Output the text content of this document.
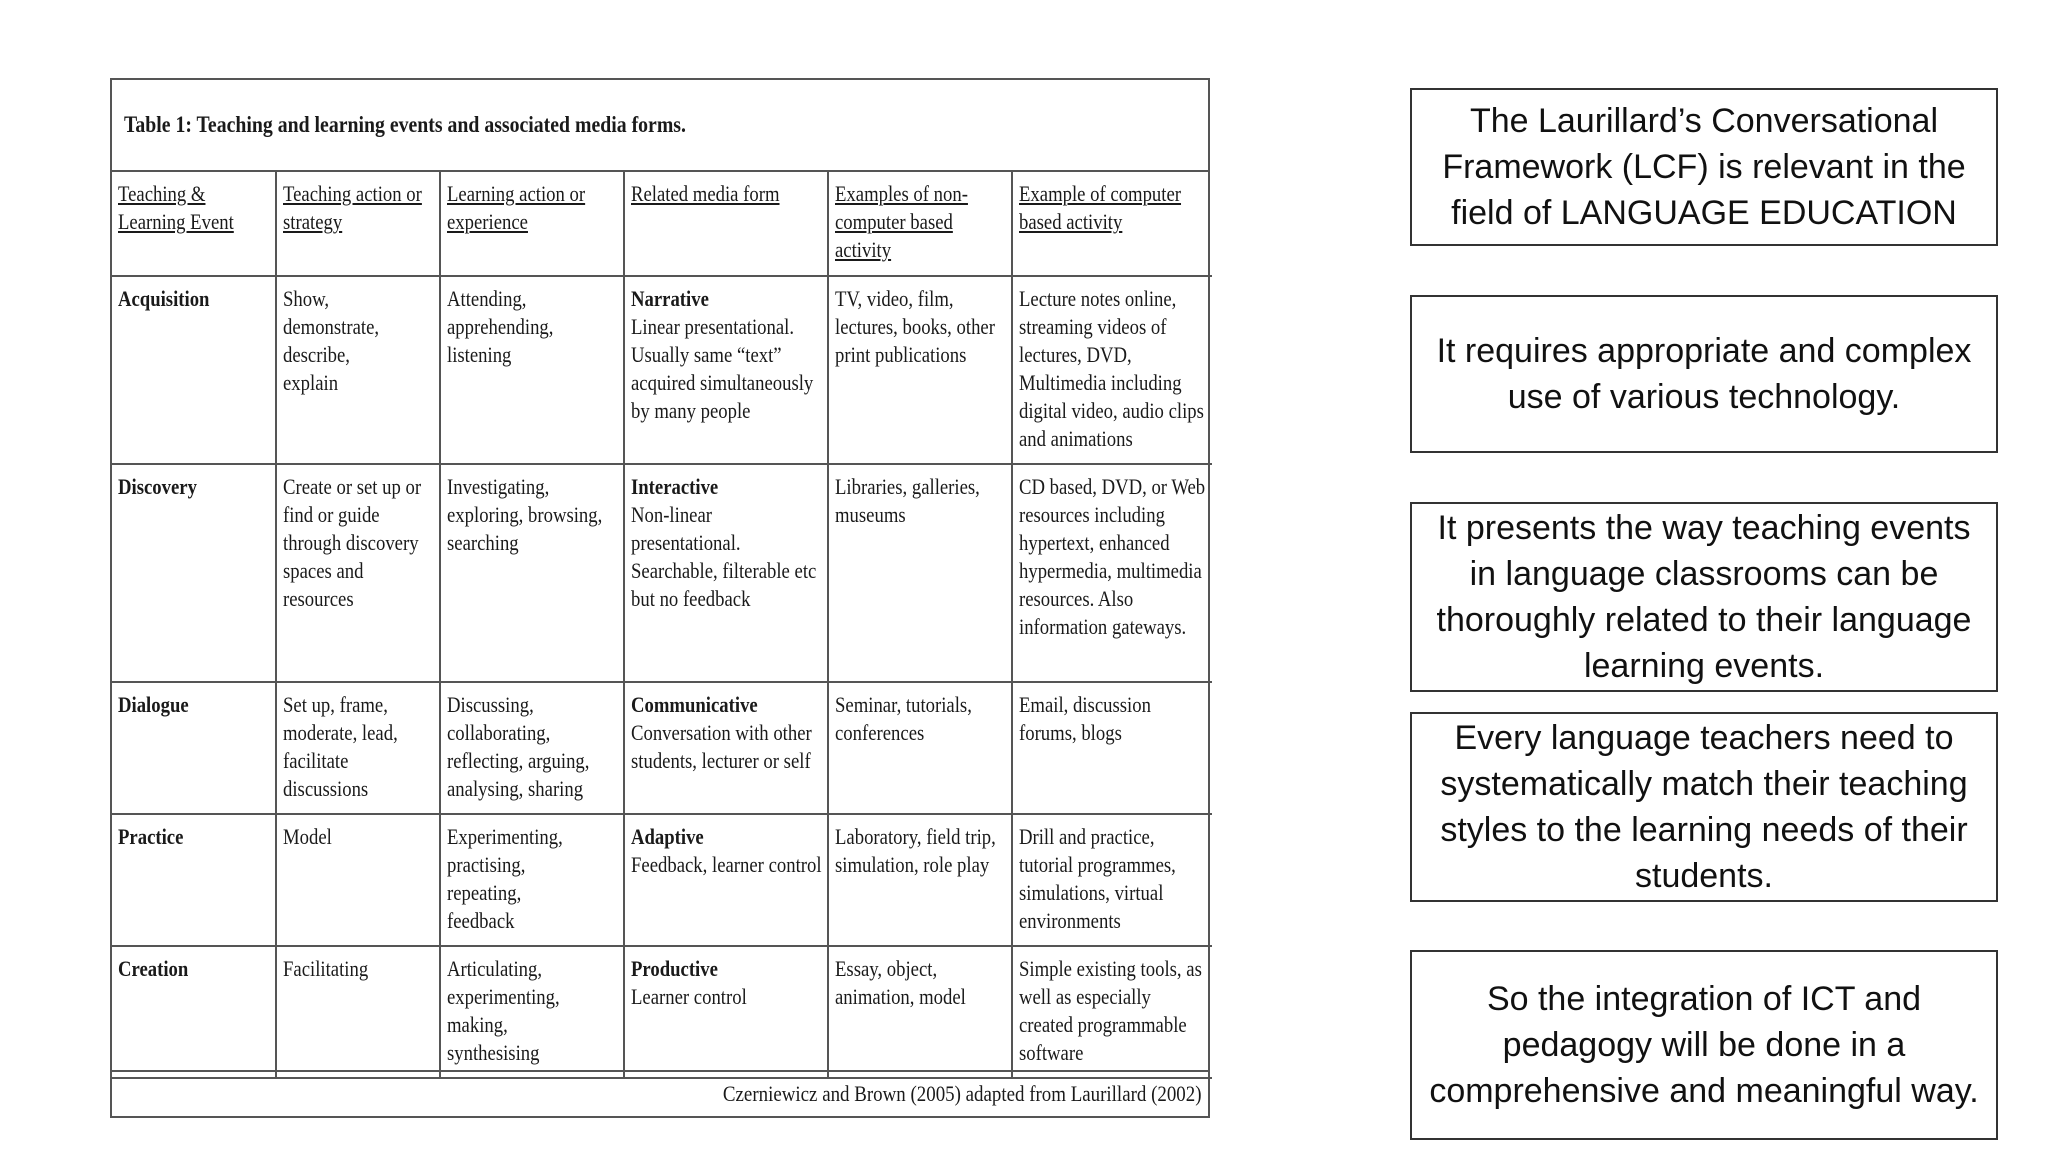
Table 1: Teaching and learning events and associated media forms.
Teaching & Learning Event	Teaching action or strategy	Learning action or experience	Related media form	Examples of non-computer based activity	Example of computer based activity
Acquisition	Show,
demonstrate,
describe,
explain	Attending,
apprehending,
listening	Narrative
Linear presentational. Usually same “text” acquired simultaneously by many people	TV, video, film, lectures, books, other print publications	Lecture notes online, streaming videos of lectures, DVD, Multimedia including digital video, audio clips and animations
Discovery	Create or set up or find or guide through discovery spaces and resources	Investigating, exploring, browsing, searching	Interactive
Non-linear presentational.
Searchable, filterable etc
but no feedback	Libraries, galleries, museums	CD based, DVD, or Web resources including hypertext, enhanced hypermedia, multimedia resources. Also information gateways.
Dialogue	Set up, frame, moderate, lead, facilitate discussions	Discussing, collaborating, reflecting, arguing, analysing, sharing	Communicative
Conversation with other students, lecturer or self	Seminar, tutorials, conferences	Email, discussion forums, blogs
Practice	Model	Experimenting,
practising,
repeating,
feedback	Adaptive
Feedback, learner control	Laboratory, field trip, simulation, role play	Drill and practice, tutorial programmes, simulations, virtual environments
Creation	Facilitating	Articulating,
experimenting,
making,
synthesising	Productive
Learner control	Essay, object, animation, model	Simple existing tools, as well as especially created programmable software
Czerniewicz and Brown (2005) adapted from Laurillard (2002)
The Laurillard’s Conversational Framework (LCF) is relevant in the field of LANGUAGE EDUCATION
It requires appropriate and complex use of various technology.
It presents the way teaching events in language classrooms can be thoroughly related to their language learning events.
Every language teachers need to systematically match their teaching styles to the learning needs of their students.
So the integration of ICT and pedagogy will be done in a comprehensive and meaningful way.
